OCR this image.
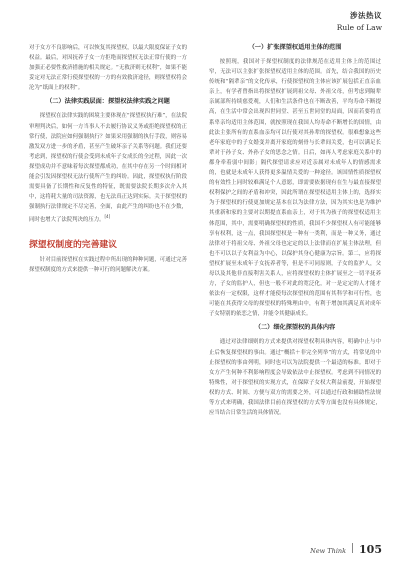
涉法热议
Rule of Law

对于女方不良影响后，可以恢复其探望权，以最大限度保证子女的权益。最后，对因抚养子女一方拒绝而探望权无法正常行使的一方加强正必要性救济措施的相关规定。“无救济则无权利”，如果不能妥定对无法正常行使探望权的一方的有效救济途径，则探望权将会沦为“纸面上的权利”。

（二）法律实践层面：探望权法律实践之问题

探望权在法律实践的困境主要体现在“探望权执行难”，在法院审理判决后，如何一方当事人不去履行协议义务或拒绝探望权的正常行使，法院应如何强制执行？如果采用强制的执行手段，则容易激发双方进一步的矛盾，甚至产生破坏亲子关系等问题。我们还要考虑到，探望权的行使会受到未成年子女成长的全过程，因此一次探望成功并不意味着每次探望都成功，在其中存在另一个时间相对能会引发因探望权无法行使所产生的纠纷。因此，探望权执行阶段需要具备了长期性和反复性的特征，既需要法院长期多次介入其中，这将耗大量的司法资源，也无法真正达到实际。关于探望权的强制执行法律规定不尽完善，全面，由此产生的纠纷也不在少数，同时也增大了法院判决的压力。[4]

探望权制度的完善建议

针对目前探望权在实践过程中所出现的种种问题，可通过完善探望权制度的方式来提供一种可行的问题解决方案。

（一）扩张探望权适用主体的范围

按照现，我国对于探望权制度的法律规范在适用主体上的范围过窄，无法可以主张扩张探望权适用主体的范围。首先，结合我国的历史传统和“隔辈亲”的文化传承，行使探望权的主体应该扩展包括正直亲血亲上，有学者曾指出将探望权扩展到祖父母、外祖父母，但考虑到隔辈亲属部所持续慈爱观，人们和生活条件也在不断改善，平均寿命不断提高，在生活中常会出现四世同堂、甚至五世同堂的局面，因而若要将直系卑亲均适用主体范围，就按照现在我国人均寿命不断增长的国情，由此法主张所有的直系血亲均可以行使对其孙辈的探望权。很难想象这些老年家庭中的子女婚变并离开家庭的刻骨与长辈间关爱，也可以满足长辈对于孙子女、外孙子女的思念之情。日后，如再人考虑家庭关系中的都身牵着弱中间影」隔代探望请求应对近亲属对未成年人的情感需求的，也就是未成年人获得更多温情关爱的一种途径。该国情性质探望权的有效性上同时较难满足个人意愿，即需要依据现有在生与最直接探望权利保护之间的矛盾和冲突，因此所谓在探望权适用主体上的，选择实为于探望权的行使更加规定基本在以为法律方法，因为其实也是为维护其重新和家的主要对以期提直系血亲上，对于其为孩子的探望权适用主体范围，其中，需要明确探望权的性质，我国不少探望权人有可能能够享有权利，这一点，我国探望权是一种有一类利，而是一种义务，通过法律对于将祖父母、外祖父母也定定的以上法律而在扩展主体法理，但也不可以以子女利益为中心，以保护其身心健康为宗旨。第二，应将探望权扩展至未成年子女抚养者等，但是不可同原则，子女的监护人，父母以及其他非直接利害关系人，应将探望权的主体扩展至之一切平抚养方，子女的监护人，但也一般不对此的宽泛化，对一是定定的人才能才依法有一定权限，这样才能使每次探望权的范围有其科学和可行性，也可能在其获得父母的探望权的特殊理由中，有利于增加其满足真对成年子女特别的依恋之情，并能令其健康成长。

（二）细化探望权的具体内容

通过对法律细则的方式来提供对探望权利具体内容，明确中止与中止后恢复探望权的事由。通过“概括＋非完全列举”的方式，将常见的中止探望权的事由列明，同时也可以为法院提供一个最适的标准。即对于女方产生何种不利影响程度会导致依法中止探望权。考虑到不同情况的特殊性，对于探望权的实现方式，在保障子女权大利益前提，开始探望权的方式、时间、方便与双方的需要之外，可以通过行政和辅助性法规等方式来明确，我国法律目前在探望权的方式等方面也没有具体规定，应当结合日常生活的具体情况。

New Think 105
